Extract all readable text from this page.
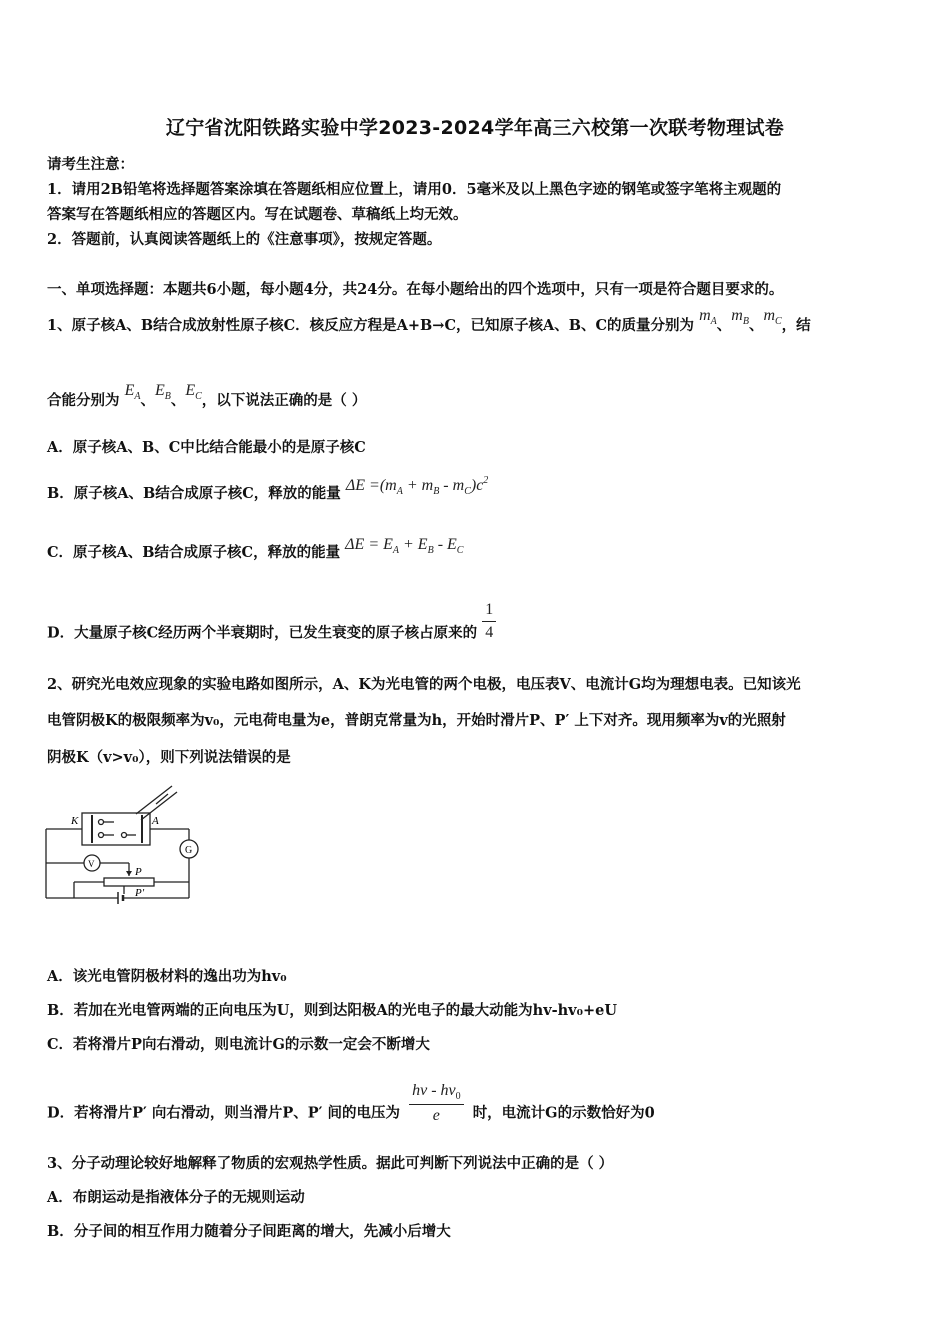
辽宁省沈阳铁路实验中学2023-2024学年高三六校第一次联考物理试卷
请考生注意：
1．请用2B铅笔将选择题答案涂填在答题纸相应位置上，请用0．5毫米及以上黑色字迹的钢笔或签字笔将主观题的
答案写在答题纸相应的答题区内。写在试题卷、草稿纸上均无效。
2．答题前，认真阅读答题纸上的《注意事项》，按规定答题。
一、单项选择题：本题共6小题，每小题4分，共24分。在每小题给出的四个选项中，只有一项是符合题目要求的。
1、原子核A、B结合成放射性原子核C．核反应方程是A+B→C，已知原子核A、B、C的质量分别为 $m_A$、$m_B$、$m_C$，结
合能分别为 $E_A$、$E_B$、$E_C$，以下说法正确的是（ ）
A．原子核A、B、C中比结合能最小的是原子核C
B．原子核A、B结合成原子核C，释放的能量 $\Delta E =(m_A + m_B - m_C)c^2$
C．原子核A、B结合成原子核C，释放的能量 $\Delta E = E_A + E_B - E_C$
D．大量原子核C经历两个半衰期时，已发生衰变的原子核占原来的 $\frac{1}{4}$
2、研究光电效应现象的实验电路如图所示，A、K为光电管的两个电极，电压表V、电流计G均为理想电表。已知该光
电管阴极K的极限频率为v₀，元电荷电量为e，普朗克常量为h，开始时滑片P、P′ 上下对齐。现用频率为v的光照射
阴极K（v>v₀），则下列说法错误的是
K	A
G
V
P
P′
A．该光电管阴极材料的逸出功为hv₀
B．若加在光电管两端的正向电压为U，则到达阳极A的光电子的最大动能为hv-hv₀+eU
C．若将滑片P向右滑动，则电流计G的示数一定会不断增大
D．若将滑片P′ 向右滑动，则当滑片P、P′ 间的电压为 $\frac{hv - hv_0}{e}$ 时，电流计G的示数恰好为0
3、分子动理论较好地解释了物质的宏观热学性质。据此可判断下列说法中正确的是（ ）
A．布朗运动是指液体分子的无规则运动
B．分子间的相互作用力随着分子间距离的增大，先减小后增大
